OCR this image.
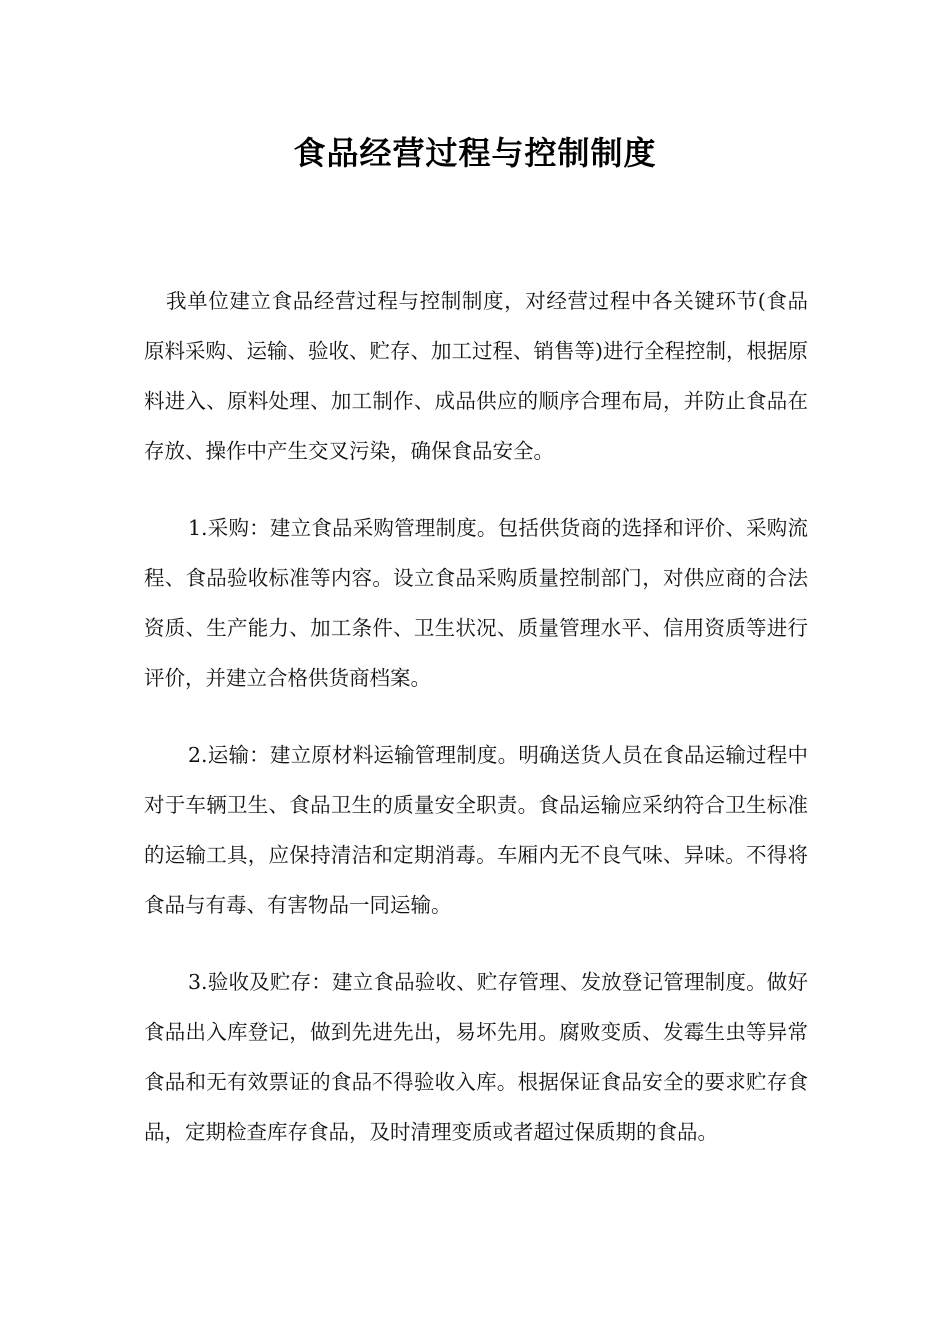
食品经营过程与控制制度

我单位建立食品经营过程与控制制度，对经营过程中各关键环节(食品原料采购、运输、验收、贮存、加工过程、销售等)进行全程控制，根据原料进入、原料处理、加工制作、成品供应的顺序合理布局，并防止食品在存放、操作中产生交叉污染，确保食品安全。

1.采购：建立食品采购管理制度。包括供货商的选择和评价、采购流程、食品验收标准等内容。设立食品采购质量控制部门，对供应商的合法资质、生产能力、加工条件、卫生状况、质量管理水平、信用资质等进行评价，并建立合格供货商档案。

2.运输：建立原材料运输管理制度。明确送货人员在食品运输过程中对于车辆卫生、食品卫生的质量安全职责。食品运输应采纳符合卫生标准的运输工具，应保持清洁和定期消毒。车厢内无不良气味、异味。不得将食品与有毒、有害物品一同运输。

3.验收及贮存：建立食品验收、贮存管理、发放登记管理制度。做好食品出入库登记，做到先进先出，易坏先用。腐败变质、发霉生虫等异常食品和无有效票证的食品不得验收入库。根据保证食品安全的要求贮存食品，定期检查库存食品，及时清理变质或者超过保质期的食品。
